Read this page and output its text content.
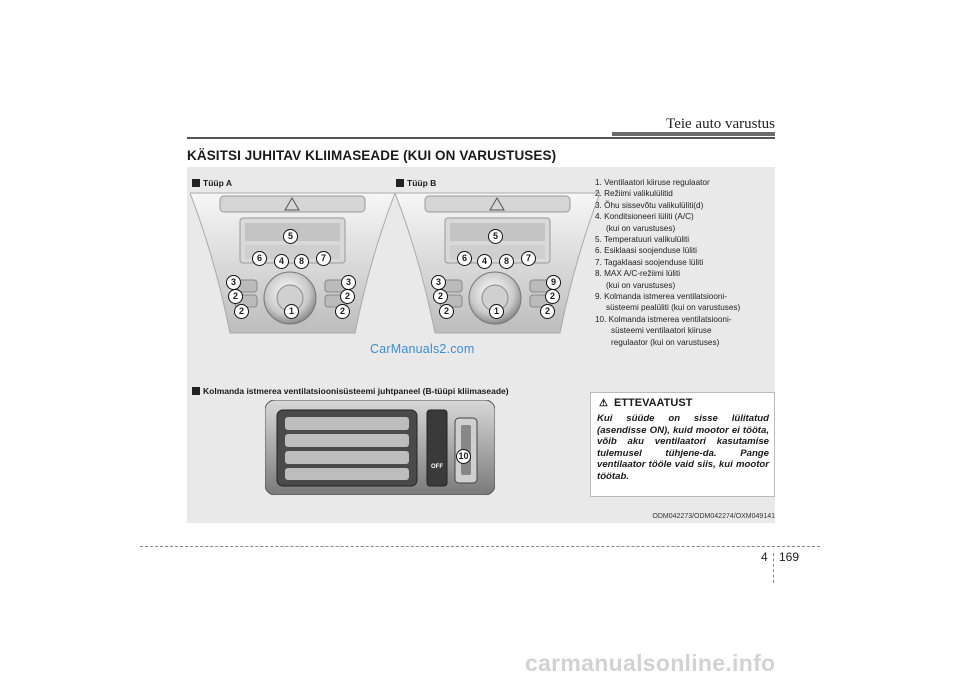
Teie auto varustus
KÄSITSI JUHITAV KLIIMASEADE (KUI ON VARUSTUSES)
Tüüp A	Tüüp B
5
6	4	8	7
3	3
2	2
2	2
1
5
6	4	8	7
3	9
2	2
2	2
1
1. Ventilaatori kiiruse regulaator
2. Režiimi valikulülitid
3. Õhu sissevõtu valikulüliti(d)
4. Konditsioneeri lüliti (A/C)
(kui on varustuses)
5. Temperatuuri valikulüliti
6. Esiklaasi soojenduse lüliti
7. Tagaklaasi soojenduse lüliti
8. MAX A/C-režiimi lüliti
(kui on varustuses)
9. Kolmanda istmerea ventilatsiooni-
süsteemi pealüliti (kui on varustuses)
10. Kolmanda istmerea ventilatsiooni-
süsteemi ventilaatori kiiruse
regulaator (kui on varustuses)
CarManuals2.com
Kolmanda istmerea ventilatsioonisüsteemi juhtpaneel (B-tüüpi kliimaseade)
OFF
10
⚠ ETTEVAATUST
Kui süüde on sisse lülitatud (asendisse ON), kuid mootor ei tööta, võib aku ventilaatori kasutamise tulemusel tühjene-da. Pange ventilaator tööle vaid siis, kui mootor töötab.
ODM042273/ODM042274/OXM049141
4 169
carmanualsonline.info
